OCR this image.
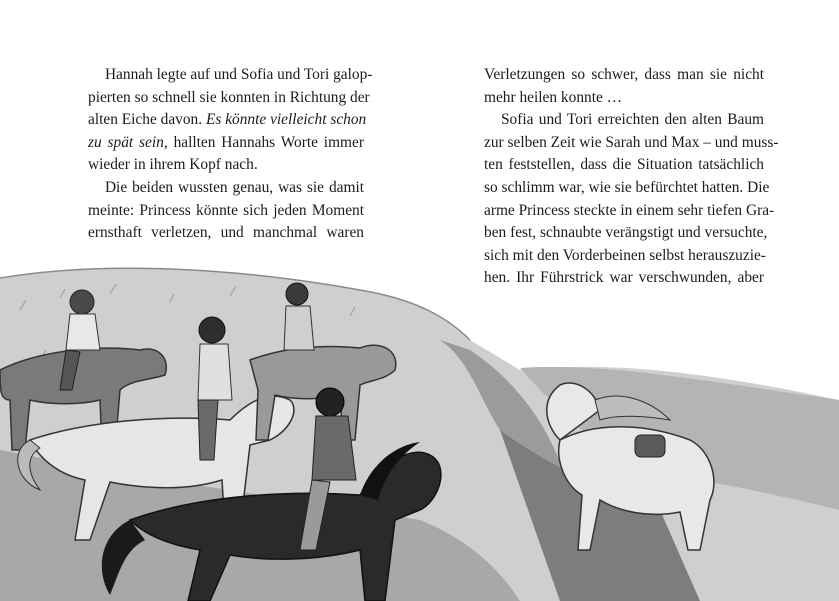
Hannah legte auf und Sofia und Tori galop-
pierten so schnell sie konnten in Richtung der
alten Eiche davon. Es könnte vielleicht schon
zu spät sein, hallten Hannahs Worte immer
wieder in ihrem Kopf nach.
Die beiden wussten genau, was sie damit
meinte: Princess könnte sich jeden Moment
ernsthaft verletzen, und manchmal waren
Verletzungen so schwer, dass man sie nicht
mehr heilen konnte …
Sofia und Tori erreichten den alten Baum
zur selben Zeit wie Sarah und Max – und muss-
ten feststellen, dass die Situation tatsächlich
so schlimm war, wie sie befürchtet hatten. Die
arme Princess steckte in einem sehr tiefen Gra-
ben fest, schnaubte verängstigt und versuchte,
sich mit den Vorderbeinen selbst herauszuzie-
hen. Ihr Führstrick war verschwunden, aber
